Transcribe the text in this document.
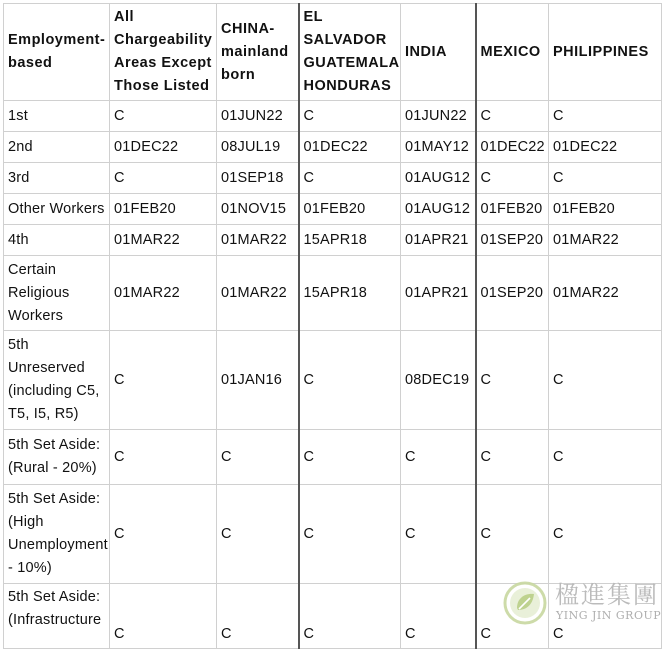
Employment-based	All Chargeability Areas Except Those Listed	CHINA-mainland born	EL SALVADOR GUATEMALA HONDURAS	INDIA	MEXICO	PHILIPPINES
1st	C	01JUN22	C	01JUN22	C	C
2nd	01DEC22	08JUL19	01DEC22	01MAY12	01DEC22	01DEC22
3rd	C	01SEP18	C	01AUG12	C	C
Other Workers	01FEB20	01NOV15	01FEB20	01AUG12	01FEB20	01FEB20
4th	01MAR22	01MAR22	15APR18	01APR21	01SEP20	01MAR22
Certain Religious Workers	01MAR22	01MAR22	15APR18	01APR21	01SEP20	01MAR22
5th Unreserved (including C5, T5, I5, R5)	C	01JAN16	C	08DEC19	C	C
5th Set Aside: (Rural - 20%)	C	C	C	C	C	C
5th Set Aside: (High Unemployment - 10%)	C	C	C	C	C	C
5th Set Aside: (Infrastructure	C	C	C	C	C	C
楹進集團
YING JIN GROUP
